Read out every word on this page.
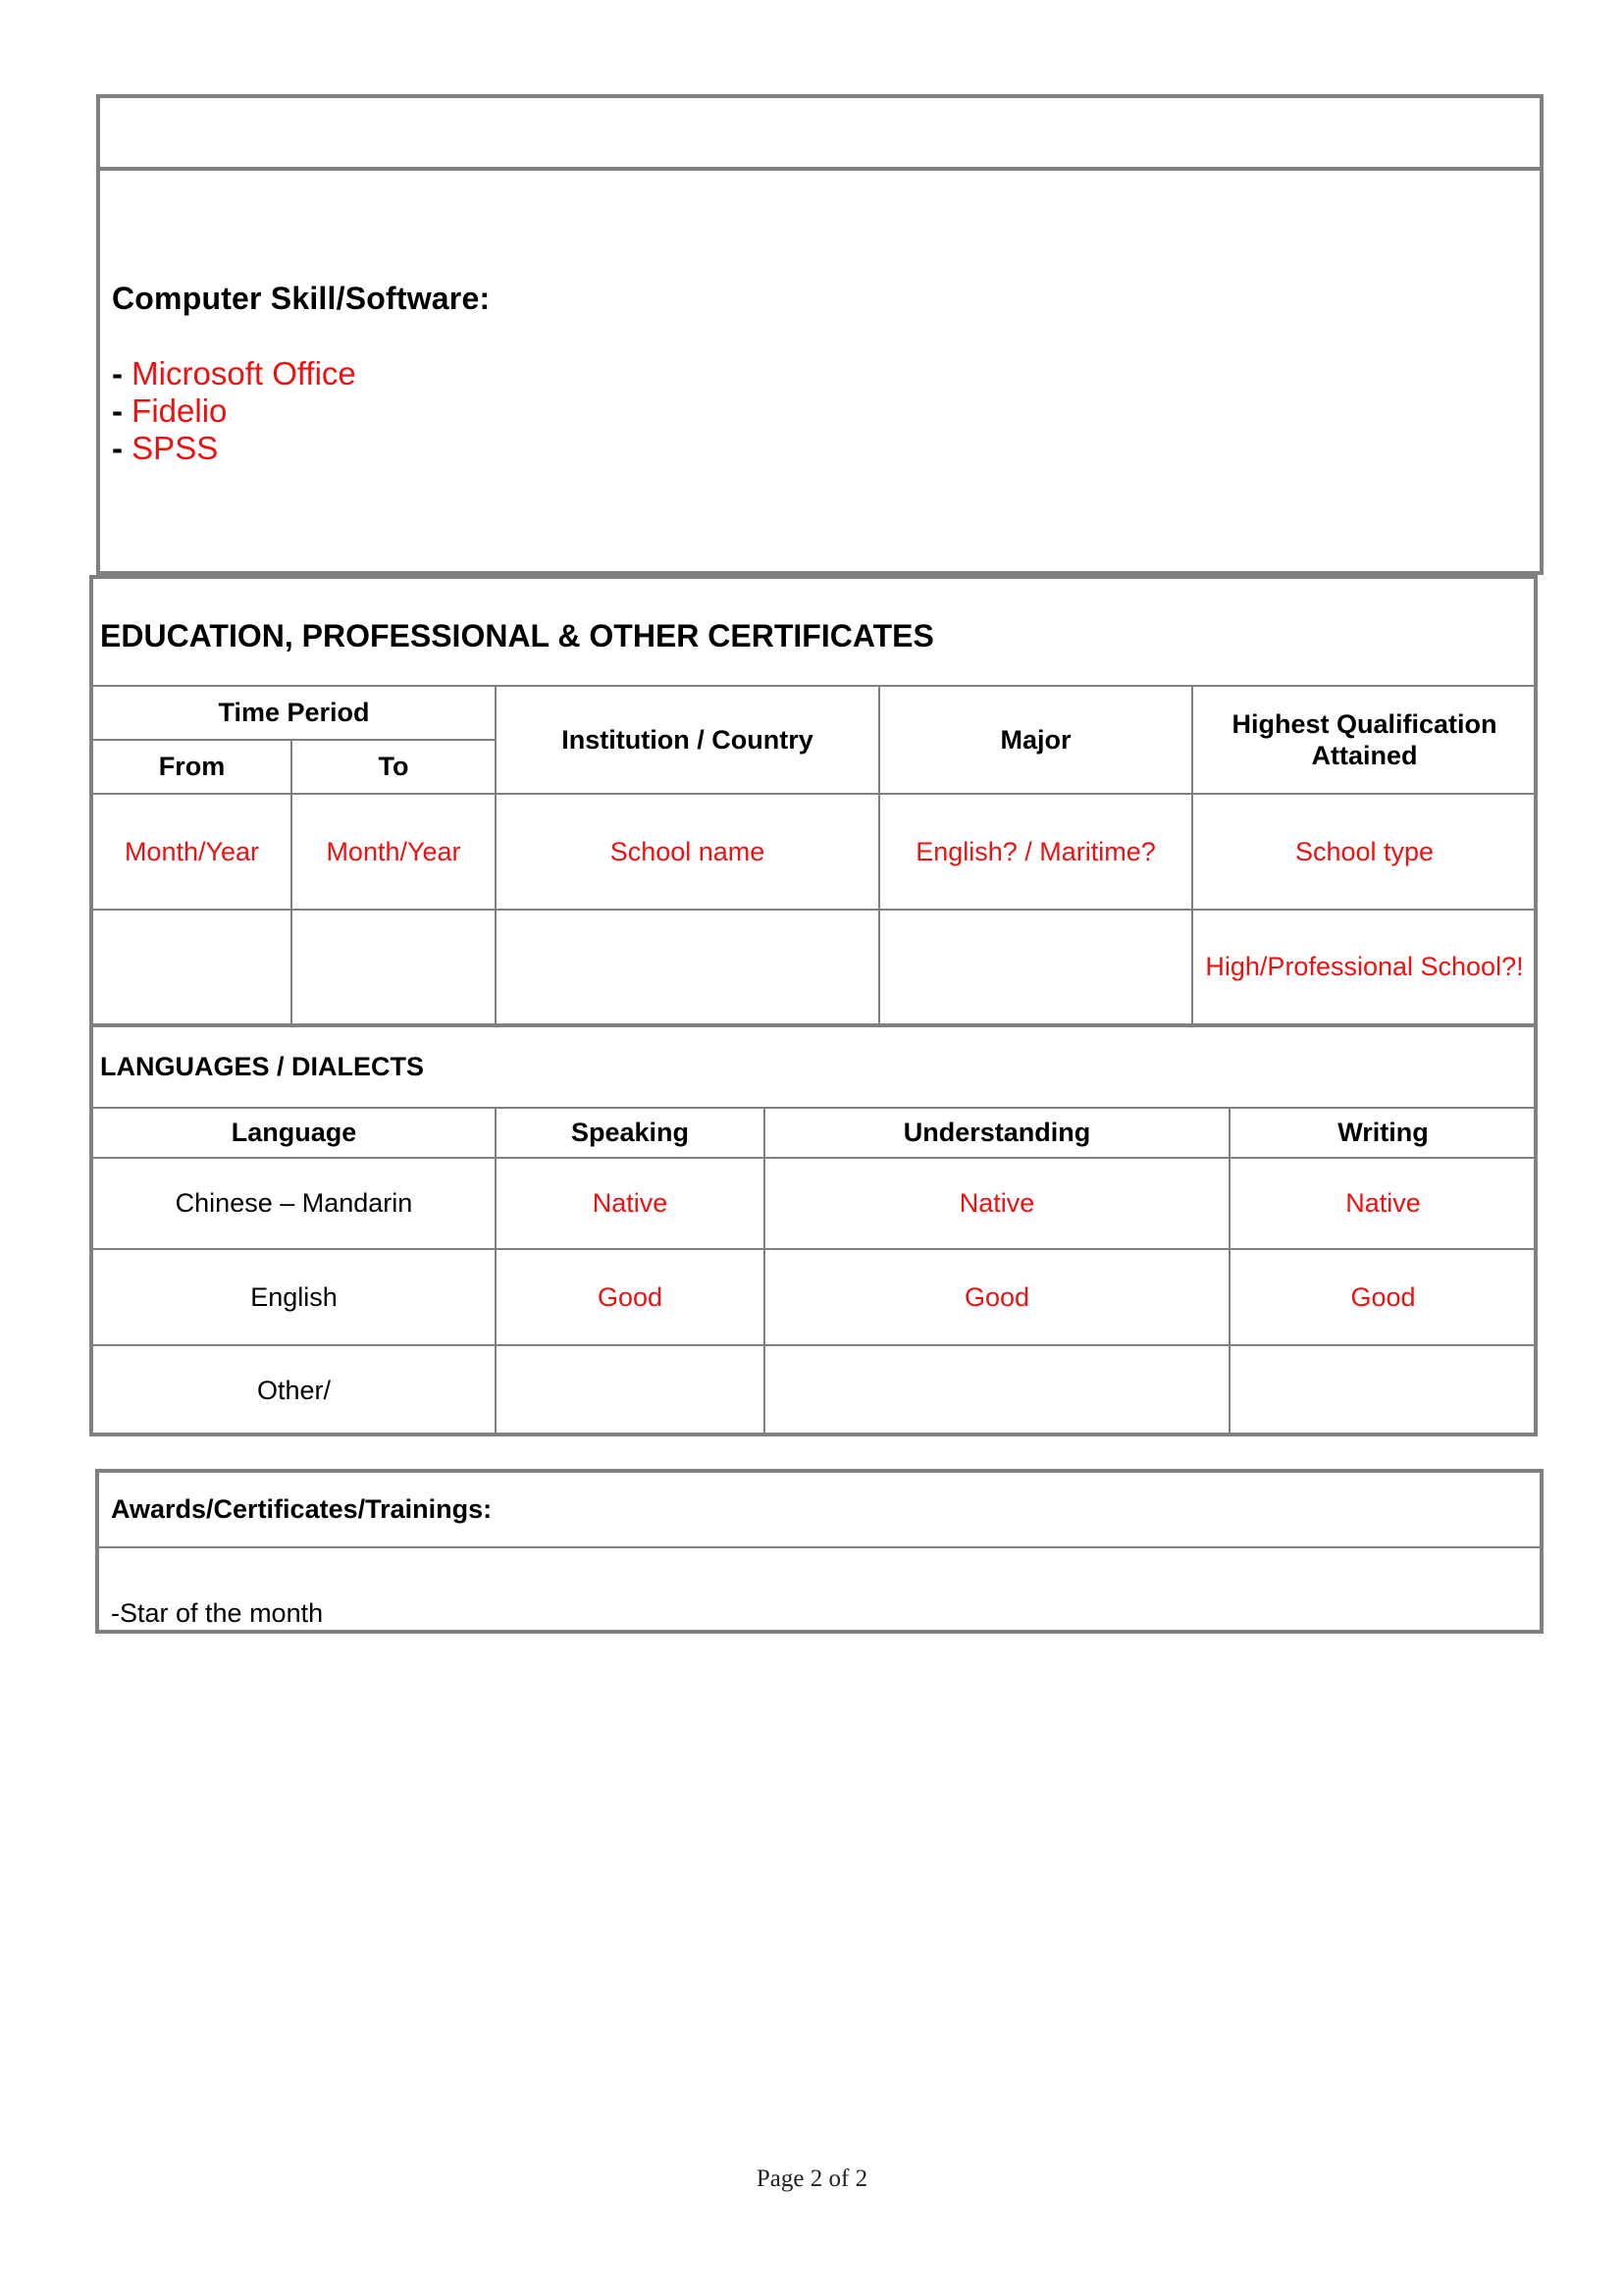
Computer Skill/Software:
- Microsoft Office
- Fidelio
- SPSS
EDUCATION, PROFESSIONAL & OTHER CERTIFICATES
Time Period		Institution / Country	Major	Highest Qualification Attained
From	To			
Month/Year	Month/Year	School name	English? / Maritime?	School type
				High/Professional School?!
LANGUAGES / DIALECTS
Language	Speaking	Understanding	Writing
Chinese – Mandarin	Native	Native	Native
English	Good	Good	Good
Other/			
Awards/Certificates/Trainings:
-Star of the month
Page 2 of 2
